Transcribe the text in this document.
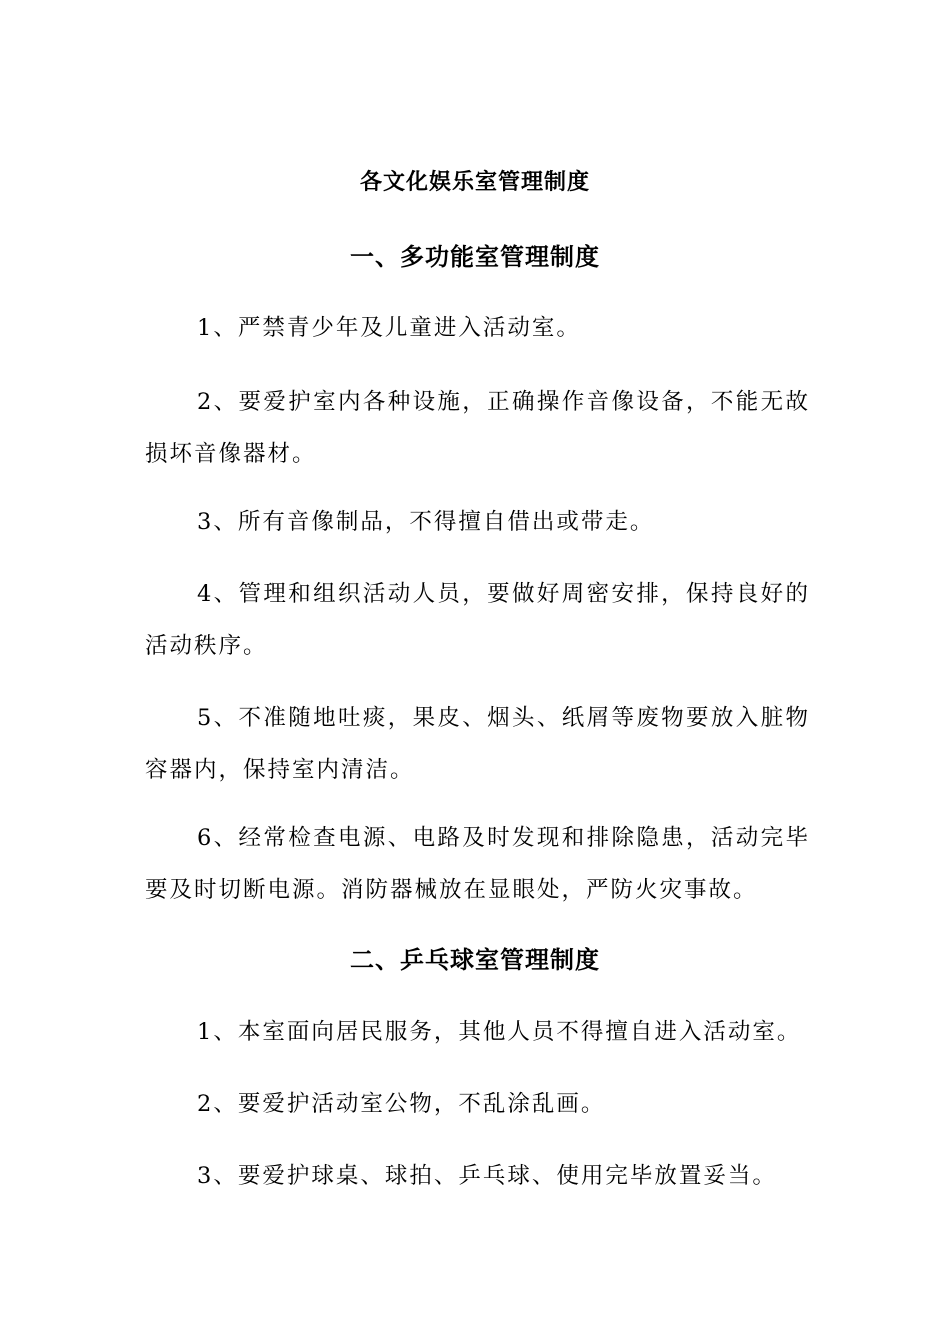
各文化娱乐室管理制度
一、多功能室管理制度

1、严禁青少年及儿童进入活动室。

2、要爱护室内各种设施，正确操作音像设备，不能无故损坏音像器材。

3、所有音像制品，不得擅自借出或带走。

4、管理和组织活动人员，要做好周密安排，保持良好的活动秩序。

5、不准随地吐痰，果皮、烟头、纸屑等废物要放入脏物容器内，保持室内清洁。

6、经常检查电源、电路及时发现和排除隐患，活动完毕要及时切断电源。消防器械放在显眼处，严防火灾事故。

二、乒乓球室管理制度

1、本室面向居民服务，其他人员不得擅自进入活动室。

2、要爱护活动室公物，不乱涂乱画。

3、要爱护球桌、球拍、乒乓球、使用完毕放置妥当。
